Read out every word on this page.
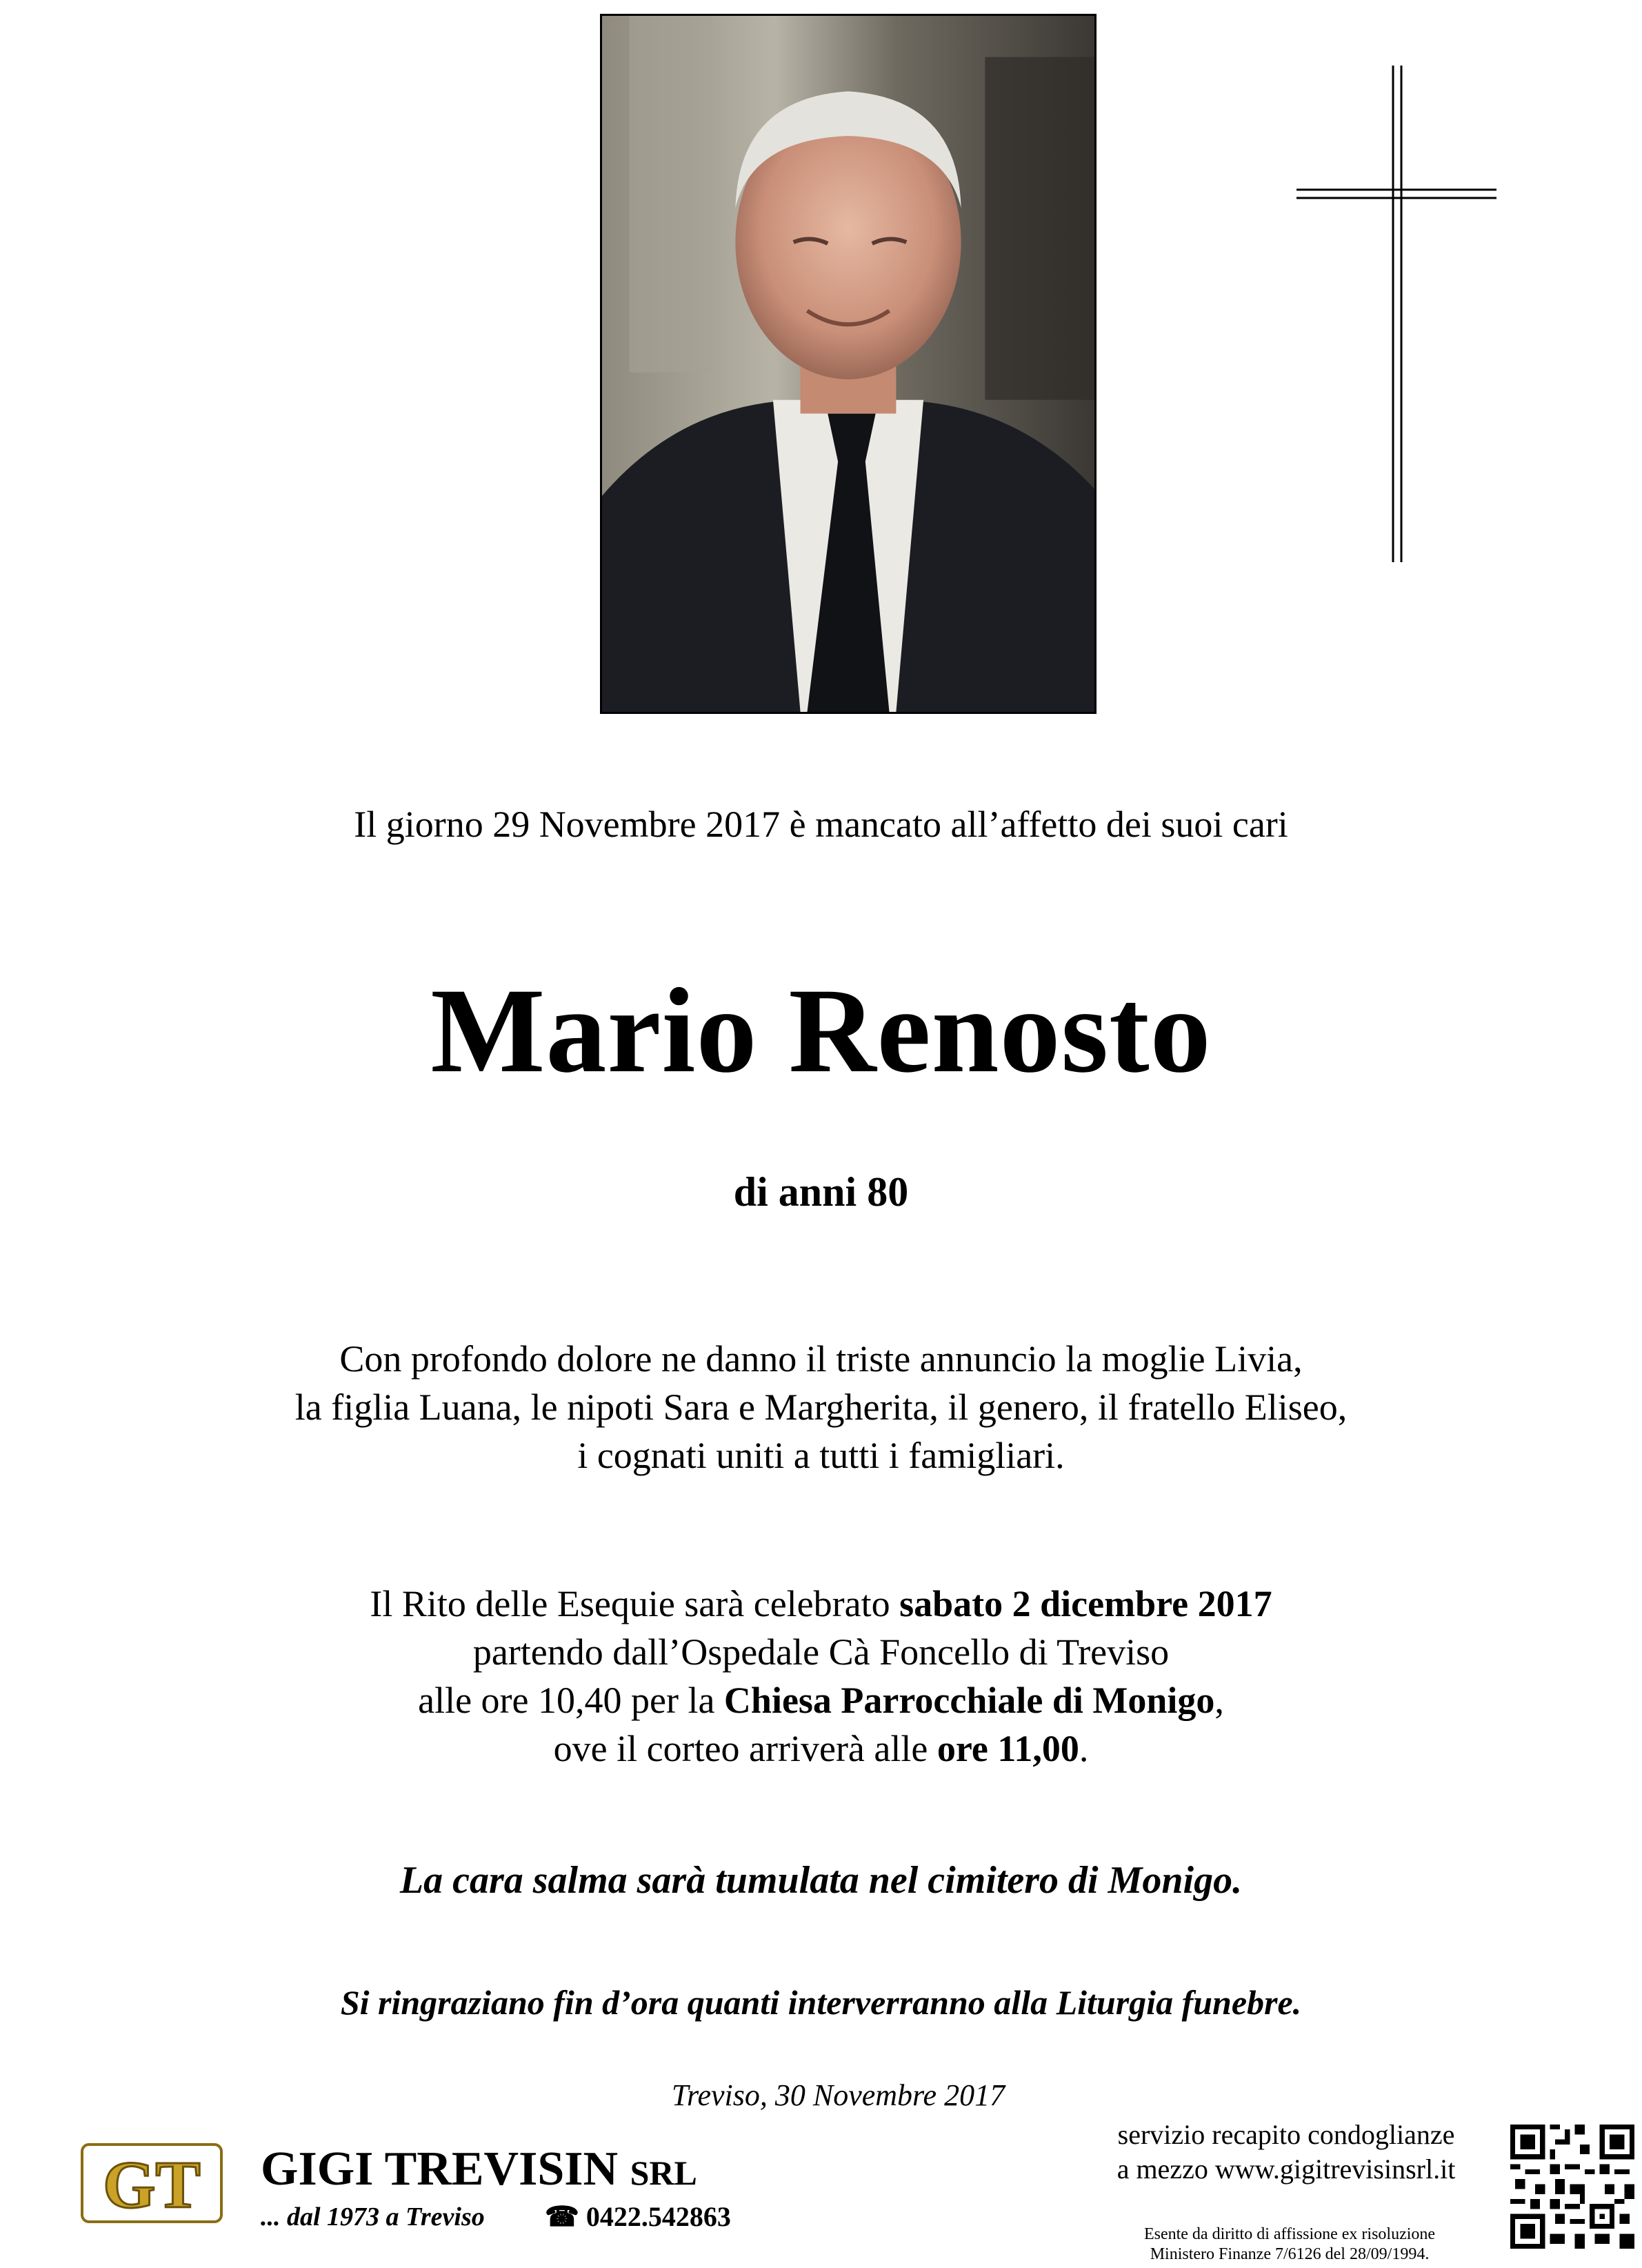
Il giorno 29 Novembre 2017 è mancato all’affetto dei suoi cari
Mario Renosto
di anni 80
Con profondo dolore ne danno il triste annuncio la moglie Livia,
la figlia Luana, le nipoti Sara e Margherita, il genero, il fratello Eliseo,
i cognati uniti a tutti i famigliari.
Il Rito delle Esequie sarà celebrato sabato 2 dicembre 2017
partendo dall’Ospedale Cà Foncello di Treviso
alle ore 10,40 per la Chiesa Parrocchiale di Monigo,
ove il corteo arriverà alle ore 11,00.
La cara salma sarà tumulata nel cimitero di Monigo.
Si ringraziano fin d’ora quanti interverranno alla Liturgia funebre.
Treviso, 30 Novembre 2017
GT GIGI TREVISIN SRL
... dal 1973 a Treviso ☎ 0422.542863
servizio recapito condoglianze
a mezzo www.gigitrevisinsrl.it
Esente da diritto di affissione ex risoluzione
Ministero Finanze 7/6126 del 28/09/1994.
